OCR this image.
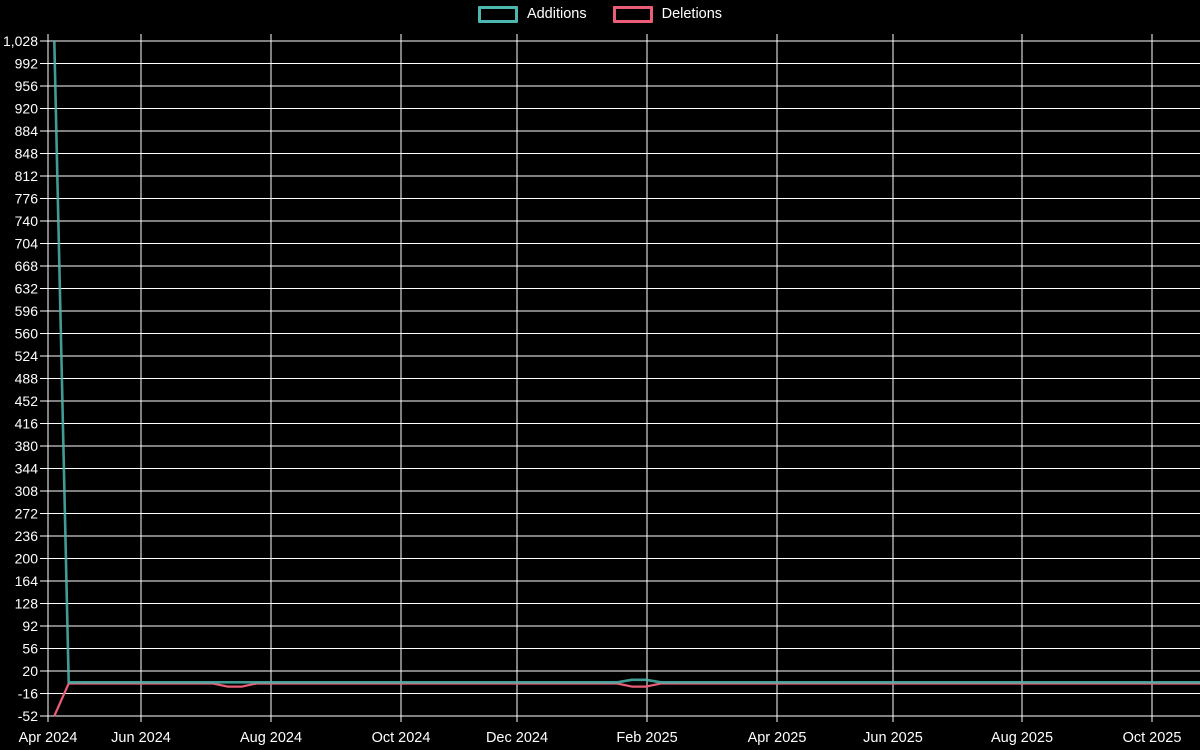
Additions	Deletions
1,028
992
956
920
884
848
812
776
740
704
668
632
596
560
524
488
452
416
380
344
308
272
236
200
164
128
92
56
20
-16
-52
Apr 2024 Jun 2024	Aug 2024	Oct 2024	Dec 2024	Feb 2025	Apr 2025	Jun 2025	Aug 2025	Oct 2025
